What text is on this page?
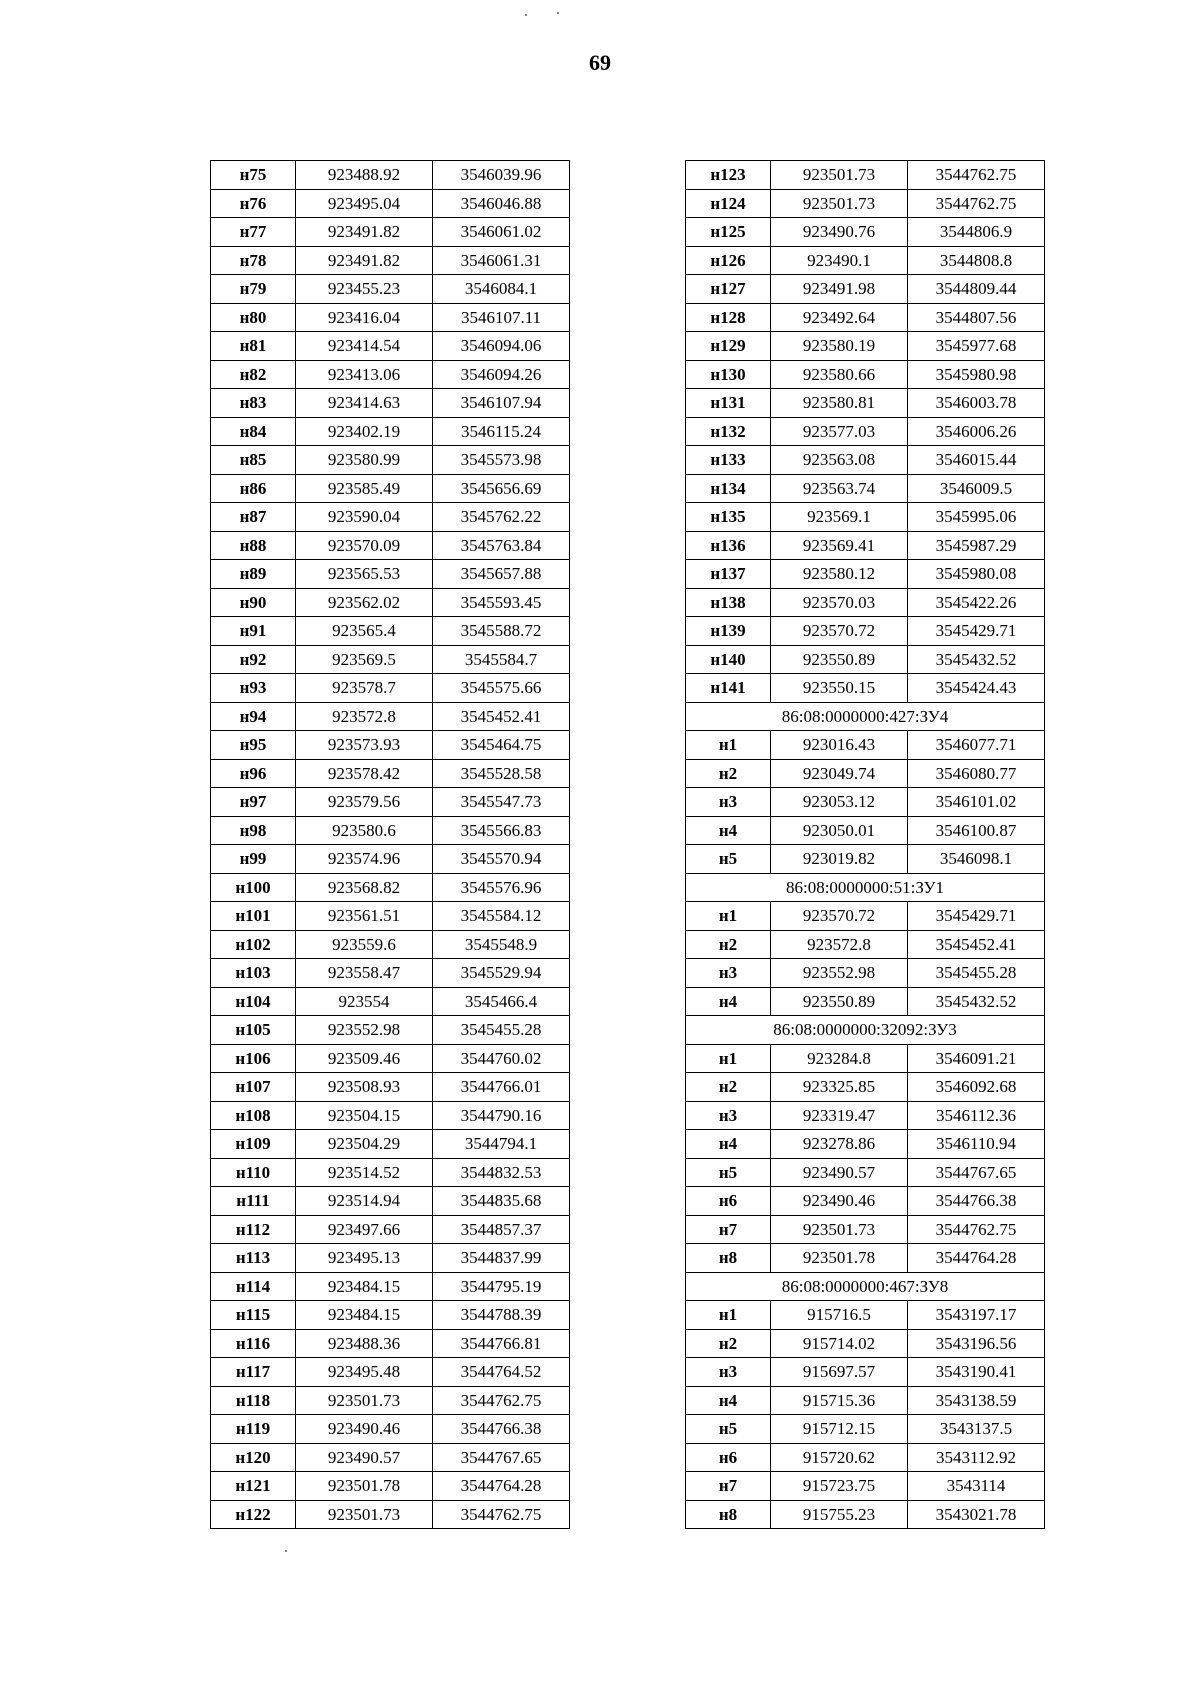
69
н75	923488.92	3546039.96
н76	923495.04	3546046.88
н77	923491.82	3546061.02
н78	923491.82	3546061.31
н79	923455.23	3546084.1
н80	923416.04	3546107.11
н81	923414.54	3546094.06
н82	923413.06	3546094.26
н83	923414.63	3546107.94
н84	923402.19	3546115.24
н85	923580.99	3545573.98
н86	923585.49	3545656.69
н87	923590.04	3545762.22
н88	923570.09	3545763.84
н89	923565.53	3545657.88
н90	923562.02	3545593.45
н91	923565.4	3545588.72
н92	923569.5	3545584.7
н93	923578.7	3545575.66
н94	923572.8	3545452.41
н95	923573.93	3545464.75
н96	923578.42	3545528.58
н97	923579.56	3545547.73
н98	923580.6	3545566.83
н99	923574.96	3545570.94
н100	923568.82	3545576.96
н101	923561.51	3545584.12
н102	923559.6	3545548.9
н103	923558.47	3545529.94
н104	923554	3545466.4
н105	923552.98	3545455.28
н106	923509.46	3544760.02
н107	923508.93	3544766.01
н108	923504.15	3544790.16
н109	923504.29	3544794.1
н110	923514.52	3544832.53
н111	923514.94	3544835.68
н112	923497.66	3544857.37
н113	923495.13	3544837.99
н114	923484.15	3544795.19
н115	923484.15	3544788.39
н116	923488.36	3544766.81
н117	923495.48	3544764.52
н118	923501.73	3544762.75
н119	923490.46	3544766.38
н120	923490.57	3544767.65
н121	923501.78	3544764.28
н122	923501.73	3544762.75
н123	923501.73	3544762.75
н124	923501.73	3544762.75
н125	923490.76	3544806.9
н126	923490.1	3544808.8
н127	923491.98	3544809.44
н128	923492.64	3544807.56
н129	923580.19	3545977.68
н130	923580.66	3545980.98
н131	923580.81	3546003.78
н132	923577.03	3546006.26
н133	923563.08	3546015.44
н134	923563.74	3546009.5
н135	923569.1	3545995.06
н136	923569.41	3545987.29
н137	923580.12	3545980.08
н138	923570.03	3545422.26
н139	923570.72	3545429.71
н140	923550.89	3545432.52
н141	923550.15	3545424.43
86:08:0000000:427:ЗУ4		
н1	923016.43	3546077.71
н2	923049.74	3546080.77
н3	923053.12	3546101.02
н4	923050.01	3546100.87
н5	923019.82	3546098.1
86:08:0000000:51:ЗУ1		
н1	923570.72	3545429.71
н2	923572.8	3545452.41
н3	923552.98	3545455.28
н4	923550.89	3545432.52
86:08:0000000:32092:ЗУ3		
н1	923284.8	3546091.21
н2	923325.85	3546092.68
н3	923319.47	3546112.36
н4	923278.86	3546110.94
н5	923490.57	3544767.65
н6	923490.46	3544766.38
н7	923501.73	3544762.75
н8	923501.78	3544764.28
86:08:0000000:467:ЗУ8		
н1	915716.5	3543197.17
н2	915714.02	3543196.56
н3	915697.57	3543190.41
н4	915715.36	3543138.59
н5	915712.15	3543137.5
н6	915720.62	3543112.92
н7	915723.75	3543114
н8	915755.23	3543021.78
